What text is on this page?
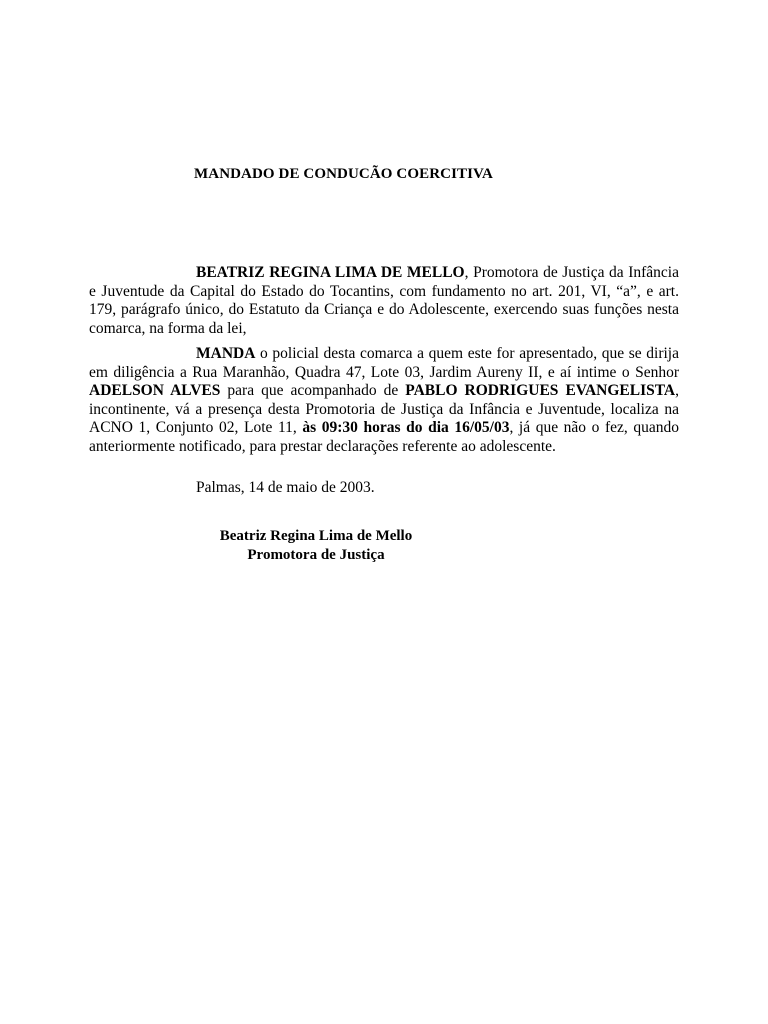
MANDADO DE CONDUCÃO COERCITIVA
BEATRIZ REGINA LIMA DE MELLO, Promotora de Justiça da Infância e Juventude da Capital do Estado do Tocantins, com fundamento no art. 201, VI, “a”, e art. 179, parágrafo único, do Estatuto da Criança e do Adolescente, exercendo suas funções nesta comarca, na forma da lei,
MANDA o policial desta comarca a quem este for apresentado, que se dirija em diligência a Rua Maranhão, Quadra 47, Lote 03, Jardim Aureny II, e aí intime o Senhor ADELSON ALVES para que acompanhado de PABLO RODRIGUES EVANGELISTA, incontinente, vá a presença desta Promotoria de Justiça da Infância e Juventude, localiza na ACNO 1, Conjunto 02, Lote 11, às 09:30 horas do dia 16/05/03, já que não o fez, quando anteriormente notificado, para prestar declarações referente ao adolescente.
Palmas, 14 de maio de 2003.
Beatriz Regina Lima de Mello
Promotora de Justiça
